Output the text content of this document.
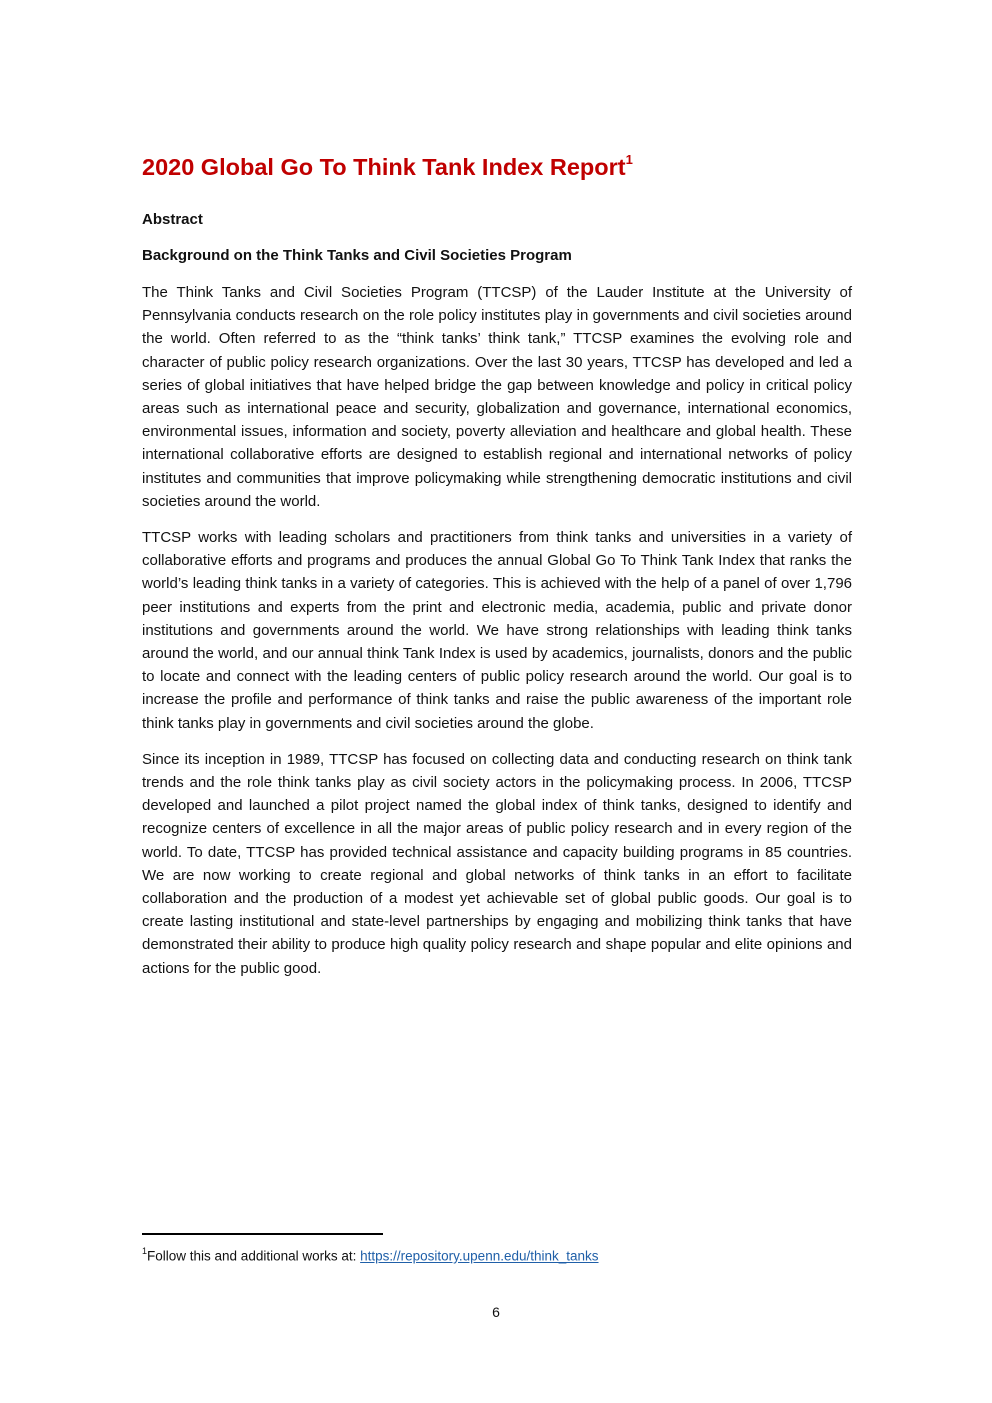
2020 Global Go To Think Tank Index Report$^1$
Abstract
Background on the Think Tanks and Civil Societies Program

The Think Tanks and Civil Societies Program (TTCSP) of the Lauder Institute at the University of Pennsylvania conducts research on the role policy institutes play in governments and civil societies around the world. Often referred to as the “think tanks’ think tank,” TTCSP examines the evolving role and character of public policy research organizations. Over the last 30 years, TTCSP has developed and led a series of global initiatives that have helped bridge the gap between knowledge and policy in critical policy areas such as international peace and security, globalization and governance, international economics, environmental issues, information and society, poverty alleviation and healthcare and global health. These international collaborative efforts are designed to establish regional and international networks of policy institutes and communities that improve policymaking while strengthening democratic institutions and civil societies around the world.

TTCSP works with leading scholars and practitioners from think tanks and universities in a variety of collaborative efforts and programs and produces the annual Global Go To Think Tank Index that ranks the world’s leading think tanks in a variety of categories. This is achieved with the help of a panel of over 1,796 peer institutions and experts from the print and electronic media, academia, public and private donor institutions and governments around the world. We have strong relationships with leading think tanks around the world, and our annual think Tank Index is used by academics, journalists, donors and the public to locate and connect with the leading centers of public policy research around the world. Our goal is to increase the profile and performance of think tanks and raise the public awareness of the important role think tanks play in governments and civil societies around the globe.

Since its inception in 1989, TTCSP has focused on collecting data and conducting research on think tank trends and the role think tanks play as civil society actors in the policymaking process. In 2006, TTCSP developed and launched a pilot project named the global index of think tanks, designed to identify and recognize centers of excellence in all the major areas of public policy research and in every region of the world. To date, TTCSP has provided technical assistance and capacity building programs in 85 countries. We are now working to create regional and global networks of think tanks in an effort to facilitate collaboration and the production of a modest yet achievable set of global public goods. Our goal is to create lasting institutional and state-level partnerships by engaging and mobilizing think tanks that have demonstrated their ability to produce high quality policy research and shape popular and elite opinions and actions for the public good.

$^1$Follow this and additional works at: https://repository.upenn.edu/think_tanks
6
